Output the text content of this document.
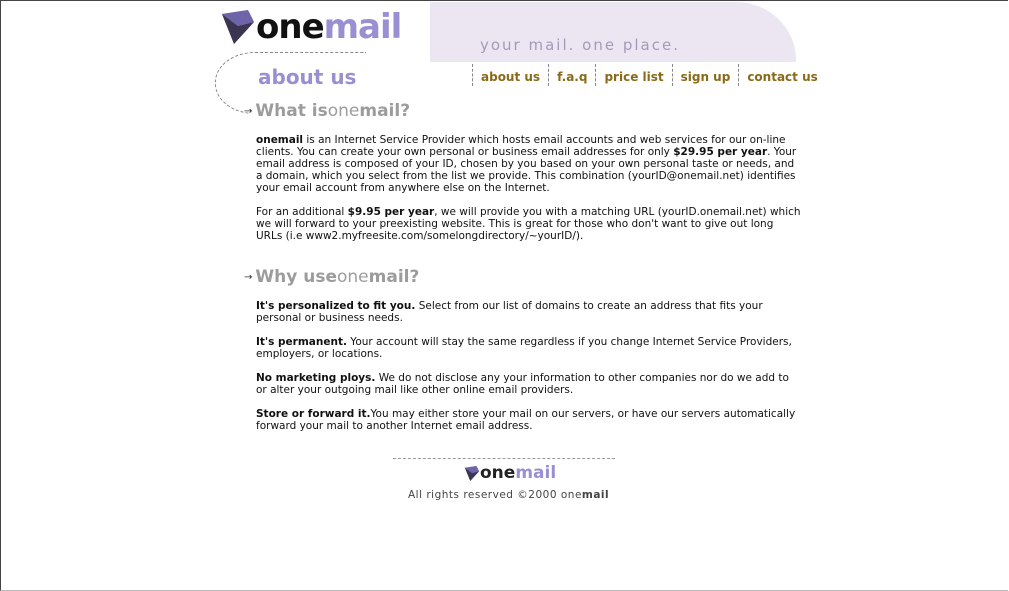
onemail	your mail. one place.
about us	about us	f.a.q	price list	sign up	contact us
→ What is one mail?

onemail is an Internet Service Provider which hosts email accounts and web services for our on-line clients. You can create your own personal or business email addresses for only $29.95 per year. Your email address is composed of your ID, chosen by you based on your own personal taste or needs, and a domain, which you select from the list we provide. This combination (yourID@onemail.net) identifies your email account from anywhere else on the Internet.

For an additional $9.95 per year, we will provide you with a matching URL (yourID.onemail.net) which we will forward to your preexisting website. This is great for those who don't want to give out long URLs (i.e www2.myfreesite.com/somelongdirectory/~yourID/).

→ Why use one mail?

It's personalized to fit you. Select from our list of domains to create an address that fits your personal or business needs.

It's permanent. Your account will stay the same regardless if you change Internet Service Providers, employers, or locations.

No marketing ploys. We do not disclose any your information to other companies nor do we add to or alter your outgoing mail like other online email providers.

Store or forward it.You may either store your mail on our servers, or have our servers automatically forward your mail to another Internet email address.

one mail
All rights reserved ©2000 onemail
